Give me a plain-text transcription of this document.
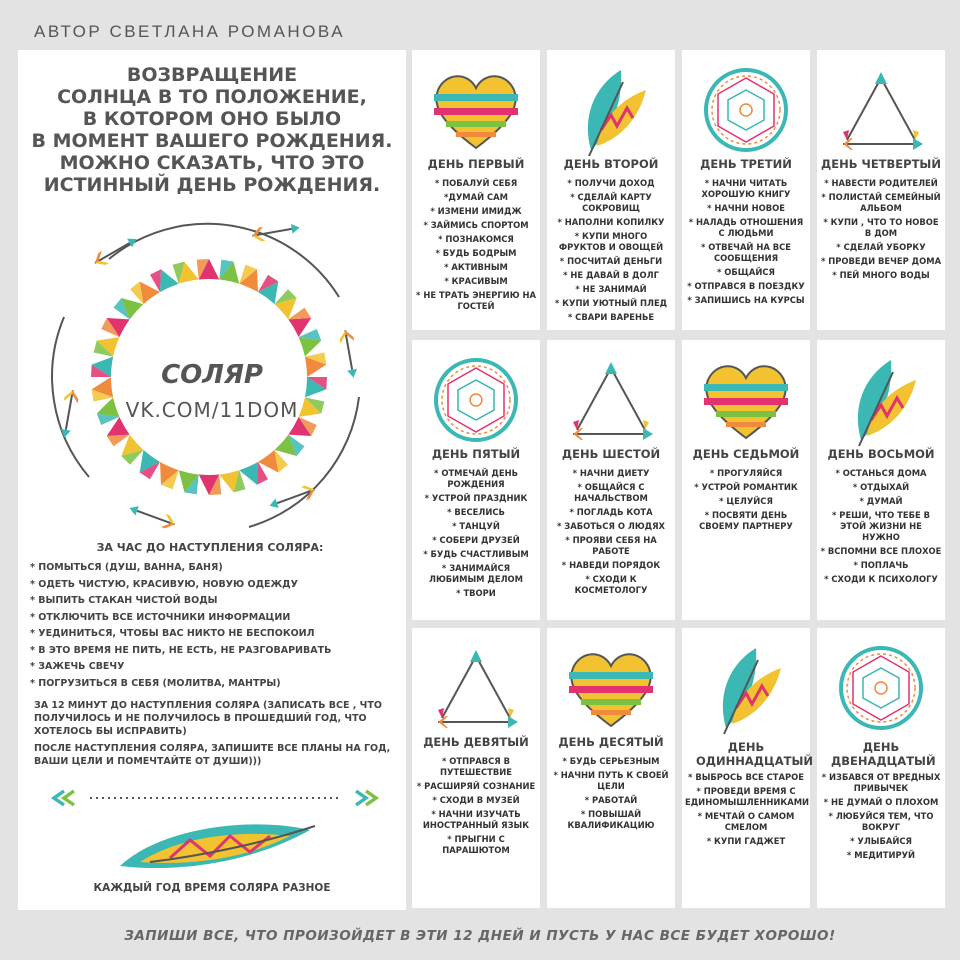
АВТОР СВЕТЛАНА РОМАНОВА
ВОЗВРАЩЕНИЕ
СОЛНЦА В ТО ПОЛОЖЕНИЕ,
В КОТОРОМ ОНО БЫЛО
В МОМЕНТ ВАШЕГО РОЖДЕНИЯ.
МОЖНО СКАЗАТЬ, ЧТО ЭТО
ИСТИННЫЙ ДЕНЬ РОЖДЕНИЯ.
СОЛЯР
VK.COM/11DOM
ЗА ЧАС ДО НАСТУПЛЕНИЯ СОЛЯРА:
* ПОМЫТЬСЯ (ДУШ, ВАННА, БАНЯ)
* ОДЕТЬ ЧИСТУЮ, КРАСИВУЮ, НОВУЮ ОДЕЖДУ
* ВЫПИТЬ СТАКАН ЧИСТОЙ ВОДЫ
* ОТКЛЮЧИТЬ ВСЕ ИСТОЧНИКИ ИНФОРМАЦИИ
* УЕДИНИТЬСЯ, ЧТОБЫ ВАС НИКТО НЕ БЕСПОКОИЛ
* В ЭТО ВРЕМЯ НЕ ПИТЬ, НЕ ЕСТЬ, НЕ РАЗГОВАРИВАТЬ
* ЗАЖЕЧЬ СВЕЧУ
* ПОГРУЗИТЬСЯ В СЕБЯ (МОЛИТВА, МАНТРЫ)
ЗА 12 МИНУТ ДО НАСТУПЛЕНИЯ СОЛЯРА (ЗАПИСАТЬ ВСЕ , ЧТО ПОЛУЧИЛОСЬ И НЕ ПОЛУЧИЛОСЬ В ПРОШЕДШИЙ ГОД, ЧТО ХОТЕЛОСЬ БЫ ИСПРАВИТЬ)
ПОСЛЕ НАСТУПЛЕНИЯ СОЛЯРА, ЗАПИШИТЕ ВСЕ ПЛАНЫ НА ГОД, ВАШИ ЦЕЛИ И ПОМЕЧТАЙТЕ ОТ ДУШИ)))
КАЖДЫЙ ГОД ВРЕМЯ СОЛЯРА РАЗНОЕ
ДЕНЬ ПЕРВЫЙ
* ПОБАЛУЙ СЕБЯ
*ДУМАЙ САМ
* ИЗМЕНИ ИМИДЖ
* ЗАЙМИСЬ СПОРТОМ
* ПОЗНАКОМСЯ
* БУДЬ БОДРЫМ
* АКТИВНЫМ
* КРАСИВЫМ
* НЕ ТРАТЬ ЭНЕРГИЮ НА ГОСТЕЙ
ДЕНЬ ВТОРОЙ
* ПОЛУЧИ ДОХОД
* СДЕЛАЙ КАРТУ СОКРОВИЩ
* НАПОЛНИ КОПИЛКУ
* КУПИ МНОГО ФРУКТОВ И ОВОЩЕЙ
* ПОСЧИТАЙ ДЕНЬГИ
* НЕ ДАВАЙ В ДОЛГ
* НЕ ЗАНИМАЙ
* КУПИ УЮТНЫЙ ПЛЕД
* СВАРИ ВАРЕНЬЕ
ДЕНЬ ТРЕТИЙ
* НАЧНИ ЧИТАТЬ ХОРОШУЮ КНИГУ
* НАЧНИ НОВОЕ
* НАЛАДЬ ОТНОШЕНИЯ С ЛЮДЬМИ
* ОТВЕЧАЙ НА ВСЕ СООБЩЕНИЯ
* ОБЩАЙСЯ
* ОТПРАВСЯ В ПОЕЗДКУ
* ЗАПИШИСЬ НА КУРСЫ
ДЕНЬ ЧЕТВЕРТЫЙ
* НАВЕСТИ РОДИТЕЛЕЙ
* ПОЛИСТАЙ СЕМЕЙНЫЙ АЛЬБОМ
* КУПИ , ЧТО ТО НОВОЕ В ДОМ
* СДЕЛАЙ УБОРКУ
* ПРОВЕДИ ВЕЧЕР ДОМА
* ПЕЙ МНОГО ВОДЫ
ДЕНЬ ПЯТЫЙ
* ОТМЕЧАЙ ДЕНЬ РОЖДЕНИЯ
* УСТРОЙ ПРАЗДНИК
* ВЕСЕЛИСЬ
* ТАНЦУЙ
* СОБЕРИ ДРУЗЕЙ
* БУДЬ СЧАСТЛИВЫМ
* ЗАНИМАЙСЯ ЛЮБИМЫМ ДЕЛОМ
* ТВОРИ
ДЕНЬ ШЕСТОЙ
* НАЧНИ ДИЕТУ
* ОБЩАЙСЯ С НАЧАЛЬСТВОМ
* ПОГЛАДЬ КОТА
* ЗАБОТЬСЯ О ЛЮДЯХ
* ПРОЯВИ СЕБЯ НА РАБОТЕ
* НАВЕДИ ПОРЯДОК
* СХОДИ К КОСМЕТОЛОГУ
ДЕНЬ СЕДЬМОЙ
* ПРОГУЛЯЙСЯ
* УСТРОЙ РОМАНТИК
* ЦЕЛУЙСЯ
* ПОСВЯТИ ДЕНЬ СВОЕМУ ПАРТНЕРУ
ДЕНЬ ВОСЬМОЙ
* ОСТАНЬСЯ ДОМА
* ОТДЫХАЙ
* ДУМАЙ
* РЕШИ, ЧТО ТЕБЕ В ЭТОЙ ЖИЗНИ НЕ НУЖНО
* ВСПОМНИ ВСЕ ПЛОХОЕ
* ПОПЛАЧЬ
* СХОДИ К ПСИХОЛОГУ
ДЕНЬ ДЕВЯТЫЙ
* ОТПРАВСЯ В ПУТЕШЕСТВИЕ
* РАСШИРЯЙ СОЗНАНИЕ
* СХОДИ В МУЗЕЙ
* НАЧНИ ИЗУЧАТЬ ИНОСТРАННЫЙ ЯЗЫК
* ПРЫГНИ С ПАРАШЮТОМ
ДЕНЬ ДЕСЯТЫЙ
* БУДЬ СЕРЬЕЗНЫМ
* НАЧНИ ПУТЬ К СВОЕЙ ЦЕЛИ
* РАБОТАЙ
* ПОВЫШАЙ КВАЛИФИКАЦИЮ
ДЕНЬ ОДИННАДЦАТЫЙ
* ВЫБРОСЬ ВСЕ СТАРОЕ
* ПРОВЕДИ ВРЕМЯ С ЕДИНОМЫШЛЕННИКАМИ
* МЕЧТАЙ О САМОМ СМЕЛОМ
* КУПИ ГАДЖЕТ
ДЕНЬ ДВЕНАДЦАТЫЙ
* ИЗБАВСЯ ОТ ВРЕДНЫХ ПРИВЫЧЕК
* НЕ ДУМАЙ О ПЛОХОМ
* ЛЮБУЙСЯ ТЕМ, ЧТО ВОКРУГ
* УЛЫБАЙСЯ
* МЕДИТИРУЙ
ЗАПИШИ ВСЕ, ЧТО ПРОИЗОЙДЕТ В ЭТИ 12 ДНЕЙ И ПУСТЬ У НАС ВСЕ БУДЕТ ХОРОШО!
